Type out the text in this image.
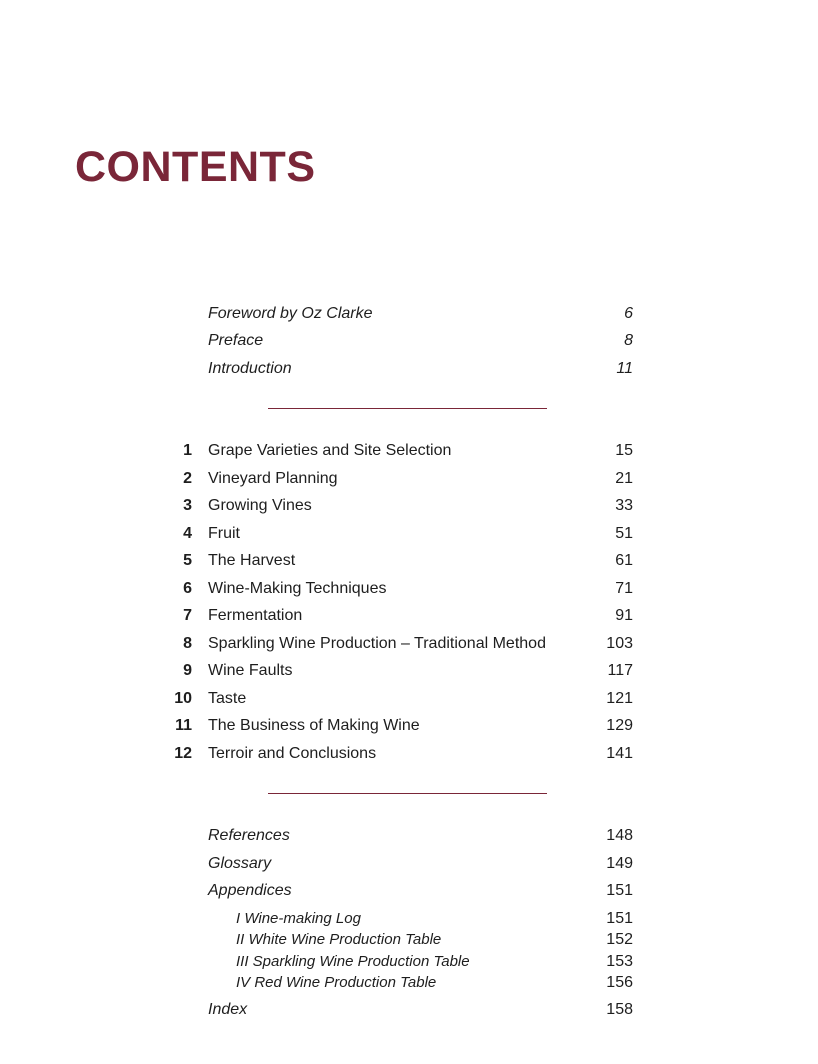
CONTENTS
Foreword by Oz Clarke	6
Preface	8
Introduction	11
1 Grape Varieties and Site Selection	15
2 Vineyard Planning	21
3 Growing Vines	33
4 Fruit	51
5 The Harvest	61
6 Wine-Making Techniques	71
7 Fermentation	91
8 Sparkling Wine Production – Traditional Method	103
9 Wine Faults	117
10 Taste	121
11 The Business of Making Wine	129
12 Terroir and Conclusions	141
References	148
Glossary	149
Appendices	151
I Wine-making Log	151
II White Wine Production Table	152
III Sparkling Wine Production Table	153
IV Red Wine Production Table	156
Index	158
